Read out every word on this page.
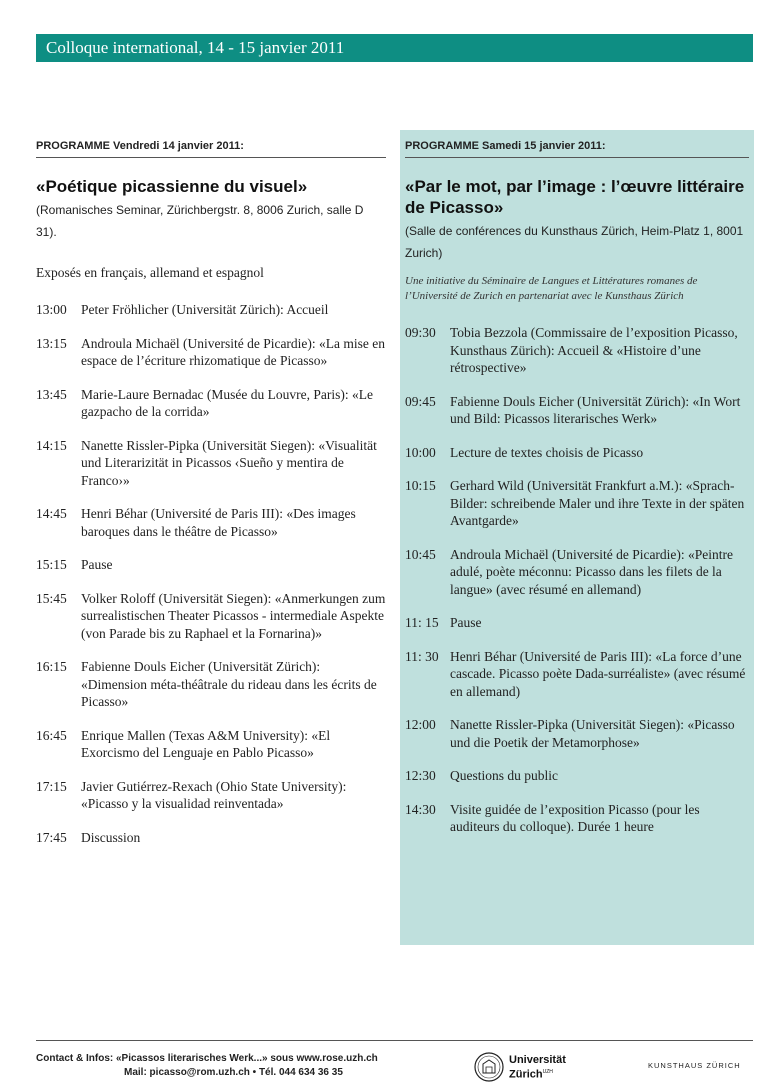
Colloque international, 14 - 15 janvier 2011
PROGRAMME Vendredi 14 janvier 2011:
«Poétique picassienne du visuel»
(Romanisches Seminar, Zürichbergstr. 8, 8006 Zurich, salle D 31).
Exposés en français, allemand et espagnol
13:00	Peter Fröhlicher (Universität Zürich): Accueil
13:15	Androula Michaël (Université de Picardie): «La mise en espace de l’écriture rhizomatique de Picasso»
13:45	Marie-Laure Bernadac (Musée du Louvre, Paris): «Le gazpacho de la corrida»
14:15	Nanette Rissler-Pipka (Universität Siegen): «Visualität und Literarizität in Picassos ‹Sueño y mentira de Franco›»
14:45	Henri Béhar (Université de Paris III): «Des images baroques dans le théâtre de Picasso»
15:15	Pause
15:45	Volker Roloff (Universität Siegen): «Anmerkungen zum surrealistischen Theater Picassos - intermediale Aspekte (von Parade bis zu Raphael et la Fornarina)»
16:15	Fabienne Douls Eicher (Universität Zürich): «Dimension méta-théâtrale du rideau dans les écrits de Picasso»
16:45	Enrique Mallen (Texas A&M University): «El Exorcismo del Lenguaje en Pablo Picasso»
17:15	Javier Gutiérrez-Rexach (Ohio State University): «Picasso y la visualidad reinventada»
17:45	Discussion
PROGRAMME Samedi 15 janvier 2011:
«Par le mot, par l’image : l’œuvre littéraire de Picasso»
(Salle de conférences du Kunsthaus Zürich, Heim-Platz 1, 8001 Zurich)
Une initiative du Séminaire de Langues et Littératures romanes de l’Université de Zurich en partenariat avec le Kunsthaus Zürich
09:30	Tobia Bezzola (Commissaire de l’exposition Picasso, Kunsthaus Zürich): Accueil & «Histoire d’une rétrospective»
09:45	Fabienne Douls Eicher (Universität Zürich): «In Wort und Bild: Picassos literarisches Werk»
10:00	Lecture de textes choisis de Picasso
10:15	Gerhard Wild (Universität Frankfurt a.M.): «Sprach-Bilder: schreibende Maler und ihre Texte in der späten Avantgarde»
10:45	Androula Michaël (Université de Picardie): «Peintre adulé, poète méconnu: Picasso dans les filets de la langue» (avec résumé en allemand)
11: 15 Pause
11: 30 Henri Béhar (Université de Paris III): «La force d’une cascade. Picasso poète Dada-surréaliste» (avec résumé en allemand)
12:00	Nanette Rissler-Pipka (Universität Siegen): «Picasso und die Poetik der Metamorphose»
12:30	Questions du public
14:30	Visite guidée de l’exposition Picasso (pour les auditeurs du colloque). Durée 1 heure
Contact & Infos: «Picassos literarisches Werk...» sous www.rose.uzh.ch
Mail: picasso@rom.uzh.ch • Tél. 044 634 36 35
Universität
Zürich$^{UZH}$
KUNSTHAUS ZÜRICH
